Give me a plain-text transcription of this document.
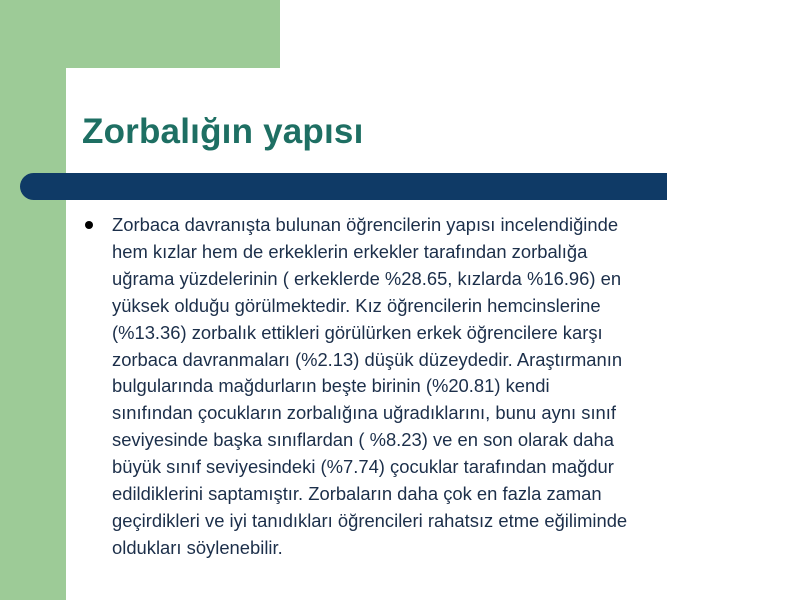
Zorbalığın yapısı

Zorbaca davranışta bulunan öğrencilerin yapısı incelendiğinde
hem kızlar hem de erkeklerin erkekler tarafından zorbalığa
uğrama yüzdelerinin ( erkeklerde %28.65, kızlarda %16.96) en
yüksek olduğu görülmektedir. Kız öğrencilerin hemcinslerine
(%13.36) zorbalık ettikleri görülürken erkek öğrencilere karşı
zorbaca davranmaları (%2.13) düşük düzeydedir. Araştırmanın
bulgularında mağdurların beşte birinin (%20.81) kendi
sınıfından çocukların zorbalığına uğradıklarını, bunu aynı sınıf
seviyesinde başka sınıflardan ( %8.23) ve en son olarak daha
büyük sınıf seviyesindeki (%7.74) çocuklar tarafından mağdur
edildiklerini saptamıştır. Zorbaların daha çok en fazla zaman
geçirdikleri ve iyi tanıdıkları öğrencileri rahatsız etme eğiliminde
oldukları söylenebilir.
